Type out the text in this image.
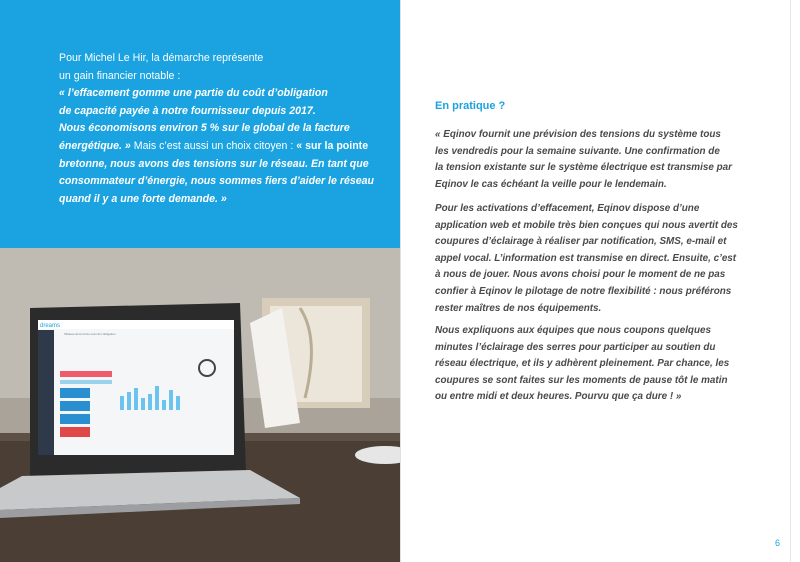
Pour Michel Le Hir, la démarche représente
un gain financier notable :
« l’effacement gomme une partie du coût d’obligation
de capacité payée à notre fournisseur depuis 2017.
Nous économisons environ 5 % sur le global de la facture
énergétique. » Mais c’est aussi un choix citoyen : « sur la pointe
bretonne, nous avons des tensions sur le réseau. En tant que
consommateur d’énergie, nous sommes fiers d’aider le réseau
quand il y a une forte demande. »
dreams
Tableau de bord du suivi de l'obligation
En pratique ?
« Eqinov fournit une prévision des tensions du système tous
les vendredis pour la semaine suivante. Une confirmation de
la tension existante sur le système électrique est transmise par
Eqinov le cas échéant la veille pour le lendemain.
Pour les activations d’effacement, Eqinov dispose d’une
application web et mobile très bien conçues qui nous avertit des
coupures d’éclairage à réaliser par notification, SMS, e-mail et
appel vocal. L’information est transmise en direct. Ensuite, c’est
à nous de jouer. Nous avons choisi pour le moment de ne pas
confier à Eqinov le pilotage de notre flexibilité : nous préférons
rester maîtres de nos équipements.
Nous expliquons aux équipes que nous coupons quelques
minutes l’éclairage des serres pour participer au soutien du
réseau électrique, et ils y adhèrent pleinement. Par chance, les
coupures se sont faites sur les moments de pause tôt le matin
ou entre midi et deux heures. Pourvu que ça dure ! »
6
